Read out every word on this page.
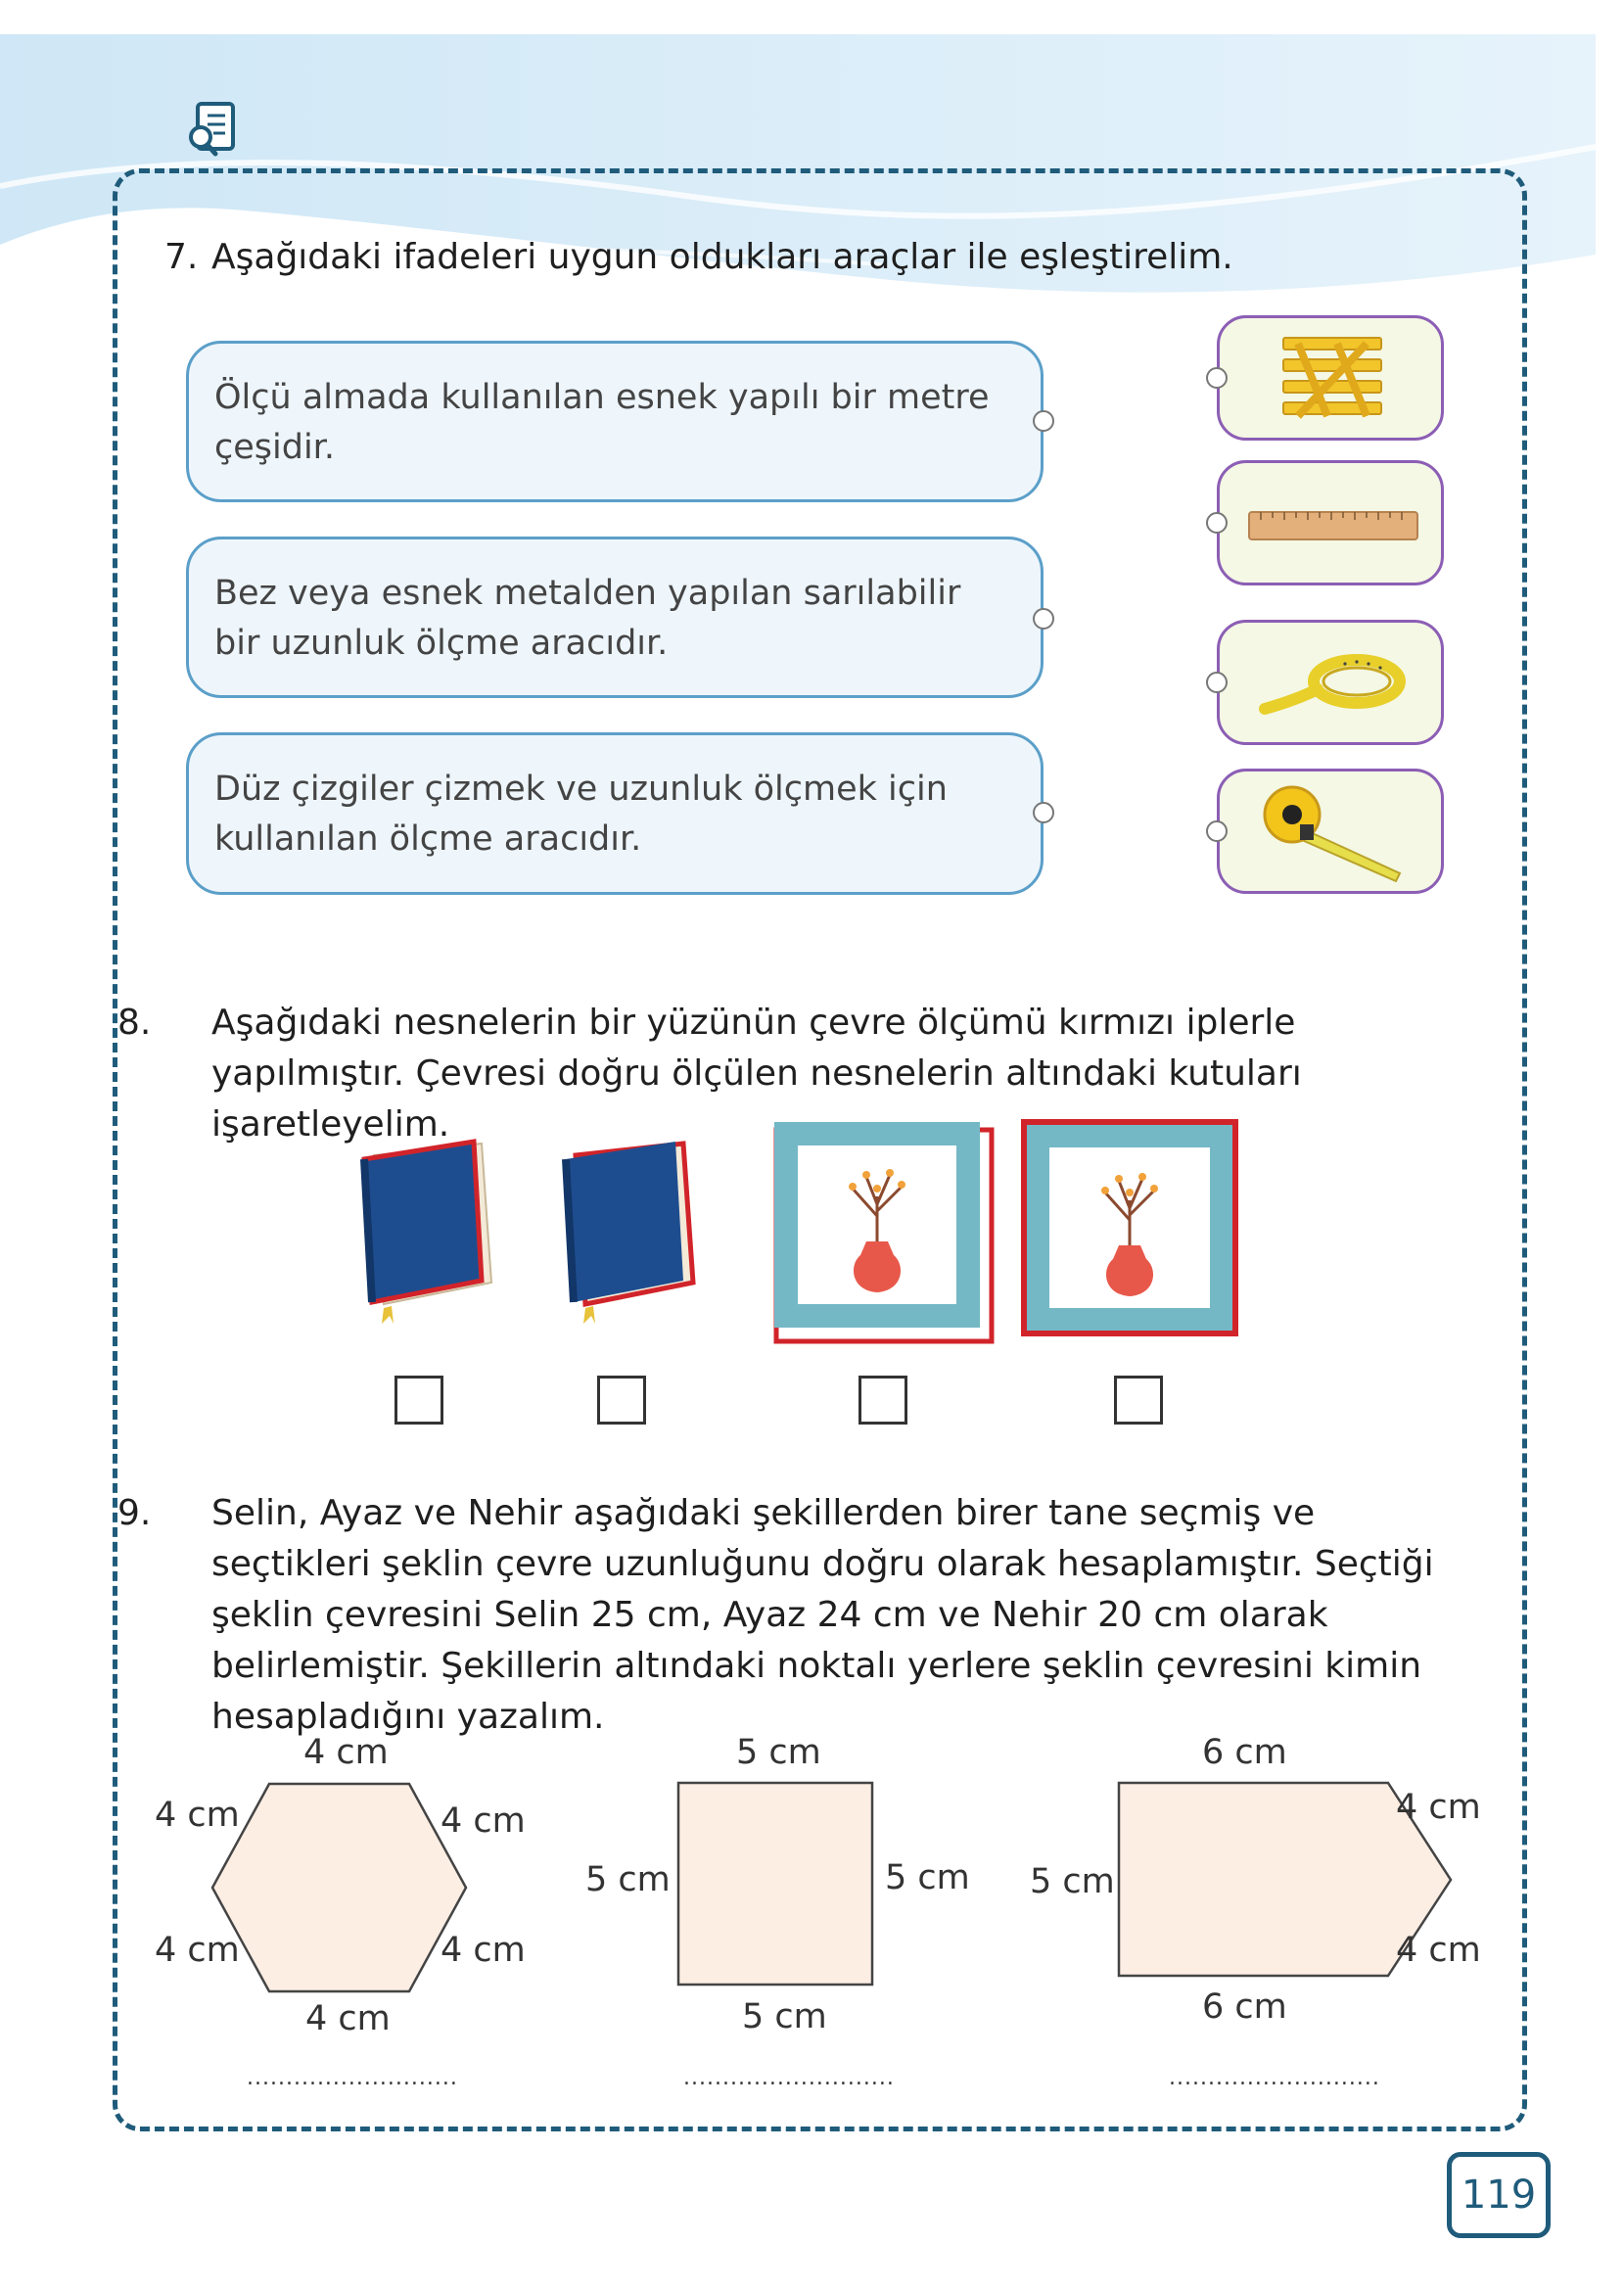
7. Aşağıdaki ifadeleri uygun oldukları araçlar ile eşleştirelim.
Ölçü almada kullanılan esnek yapılı bir metre çeşidir.
Bez veya esnek metalden yapılan sarılabilir bir uzunluk ölçme aracıdır.
Düz çizgiler çizmek ve uzunluk ölçmek için kullanılan ölçme aracıdır.
8. Aşağıdaki nesnelerin bir yüzünün çevre ölçümü kırmızı iplerle yapılmıştır. Çevresi doğru ölçülen nesnelerin altındaki kutuları işaretleyelim.
9. Selin, Ayaz ve Nehir aşağıdaki şekillerden birer tane seçmiş ve seçtikleri şeklin çevre uzunluğunu doğru olarak hesaplamıştır. Seçtiği şeklin çevresini Selin 25 cm, Ayaz 24 cm ve Nehir 20 cm olarak belirlemiştir. Şekillerin altındaki noktalı yerlere şeklin çevresini kimin hesapladığını yazalım.
4 cm
4 cm	4 cm
4 cm	4 cm
4 cm
...........................
5 cm
5 cm	5 cm
5 cm
...........................
6 cm
5 cm
4 cm
4 cm
6 cm
...........................
119
